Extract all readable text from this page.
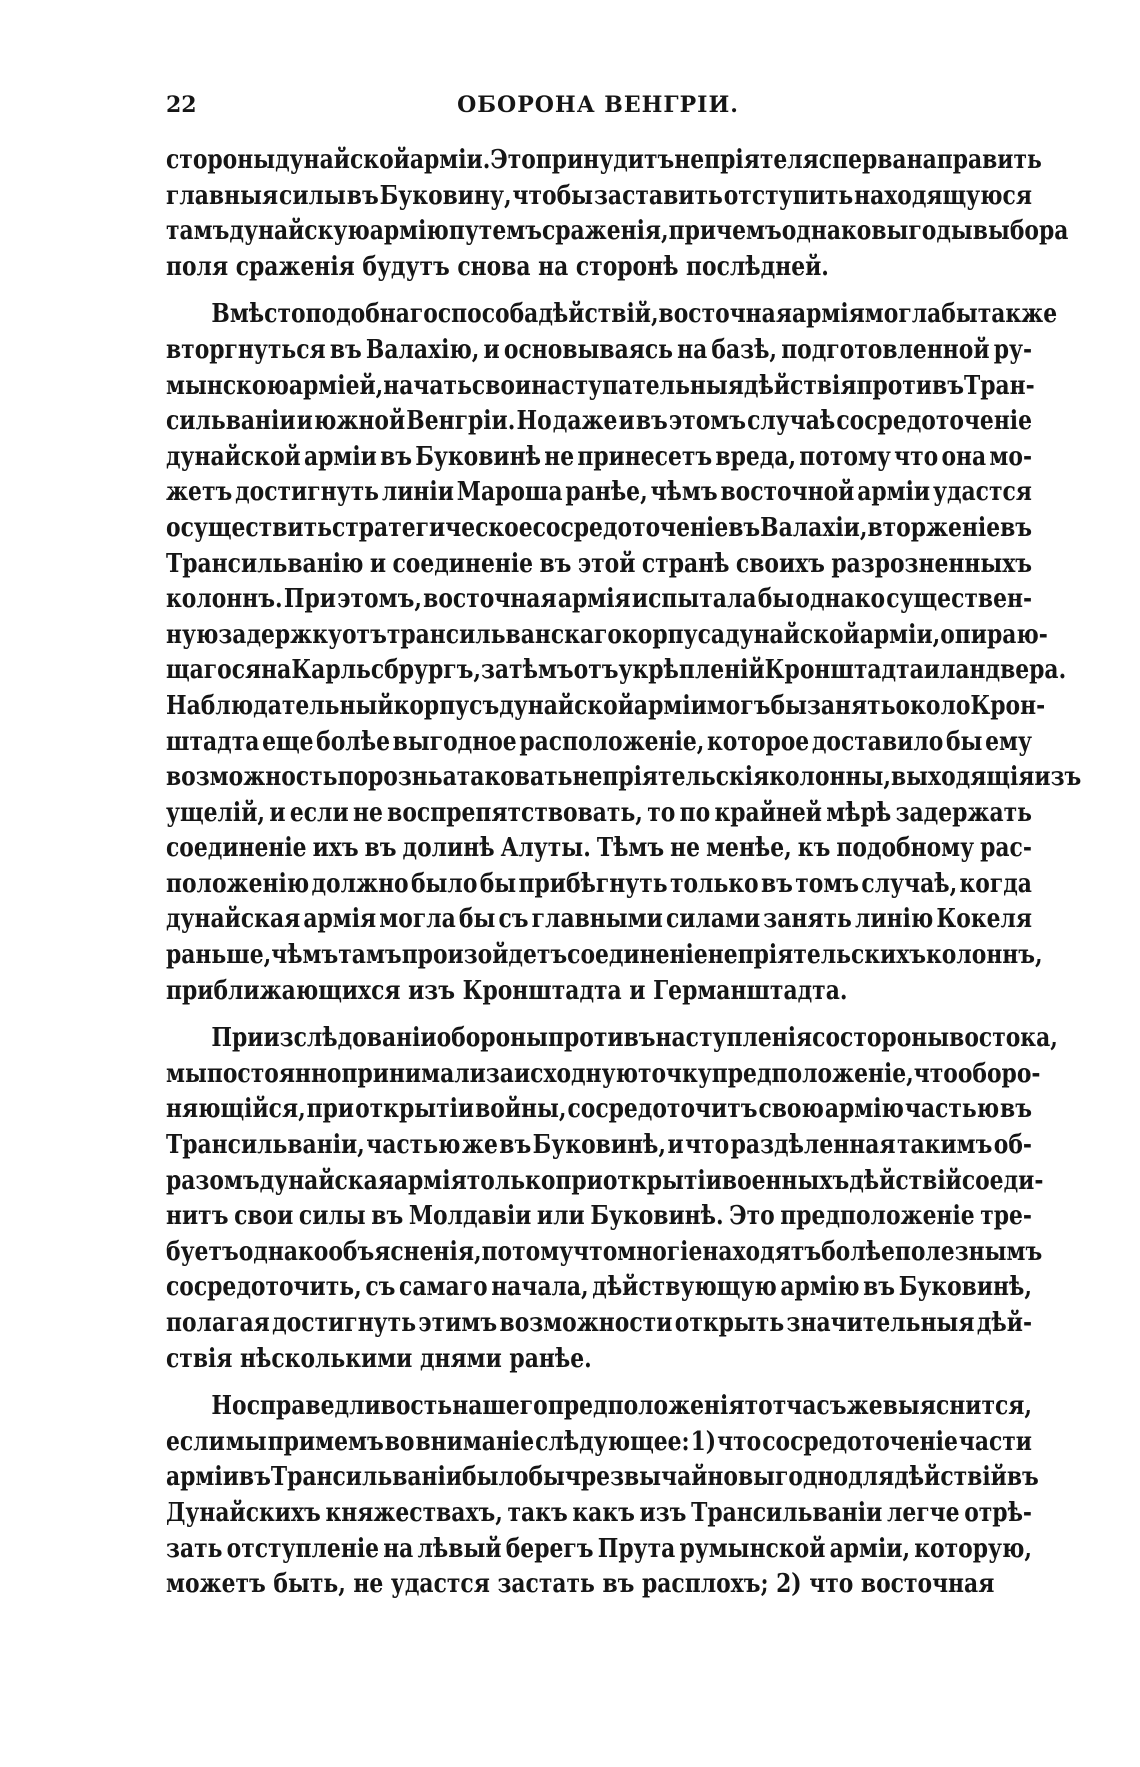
22	ОБОРОНА ВЕНГРІИ.
стороны дунайской арміи. Это принудитъ непріятеля сперва направить
главныя силы въ Буковину, чтобы заставить отступить находящуюся
тамъ дунайскую армію путемъ сраженія, причемъ однако выгоды выбора
поля сраженія будутъ снова на сторонѣ послѣдней.
Вмѣсто подобнаго способа дѣйствій, восточная армія могла бы также
вторгнуться въ Валахію, и основываясь на базѣ, подготовленной ру-
мынскою арміей, начать свои наступательныя дѣйствія противъ Тран-
сильваніи и южной Венгріи. Но даже и въ этомъ случаѣ сосредоточеніе
дунайской арміи въ Буковинѣ не принесетъ вреда, потому что она мо-
жетъ достигнуть линіи Мароша ранѣе, чѣмъ восточной арміи удастся
осуществить стратегическое сосредоточеніе въ Валахіи, вторженіе въ
Трансильванію и соединеніе въ этой странѣ своихъ разрозненныхъ
колоннъ. При этомъ, восточная армія испытала бы однако существен-
ную задержку отъ трансильванскаго корпуса дунайской арміи, опираю-
щагося на Карльсбрургъ, затѣмъ отъ укрѣпленій Кронштадта и ландвера.
Наблюдательный корпусъ дунайской арміи могъ бы занять около Крон-
штадта еще болѣе выгодное расположеніе, которое доставило бы ему
возможность порознь атаковать непріятельскія колонны, выходящія изъ
ущелій, и если не воспрепятствовать, то по крайней мѣрѣ задержать
соединеніе ихъ въ долинѣ Алуты. Тѣмъ не менѣе, къ подобному рас-
положенію должно было бы прибѣгнуть только въ томъ случаѣ, когда
дунайская армія могла бы съ главными силами занять линію Кокеля
раньше, чѣмъ тамъ произойдетъ соединеніе непріятельскихъ колоннъ,
приближающихся изъ Кронштадта и Германштадта.
При изслѣдованіи обороны противъ наступленія со стороны востока,
мы постоянно принимали за исходную точку предположеніе, что оборо-
няющійся, при открытіи войны, сосредоточитъ свою армію частью въ
Трансильваніи, частью же въ Буковинѣ, и что раздѣленная такимъ об-
разомъ дунайская армія только при открытіи военныхъ дѣйствій соеди-
нитъ свои силы въ Молдавіи или Буковинѣ. Это предположеніе тре-
буетъ однако объясненія, потому что многіе находятъ болѣе полезнымъ
сосредоточить, съ самаго начала, дѣйствующую армію въ Буковинѣ,
полагая достигнуть этимъ возможности открыть значительныя дѣй-
ствія нѣсколькими днями ранѣе.
Но справедливость нашего предположенія тотчасъ же выяснится,
если мы примемъ во вниманіе слѣдующее: 1) что сосредоточеніе части
арміи въ Трансильваніи было бы чрезвычайно выгодно для дѣйствій въ
Дунайскихъ княжествахъ, такъ какъ изъ Трансильваніи легче отрѣ-
зать отступленіе на лѣвый берегъ Прута румынской арміи, которую,
можетъ быть, не удастся застать въ расплохъ; 2) что восточная
